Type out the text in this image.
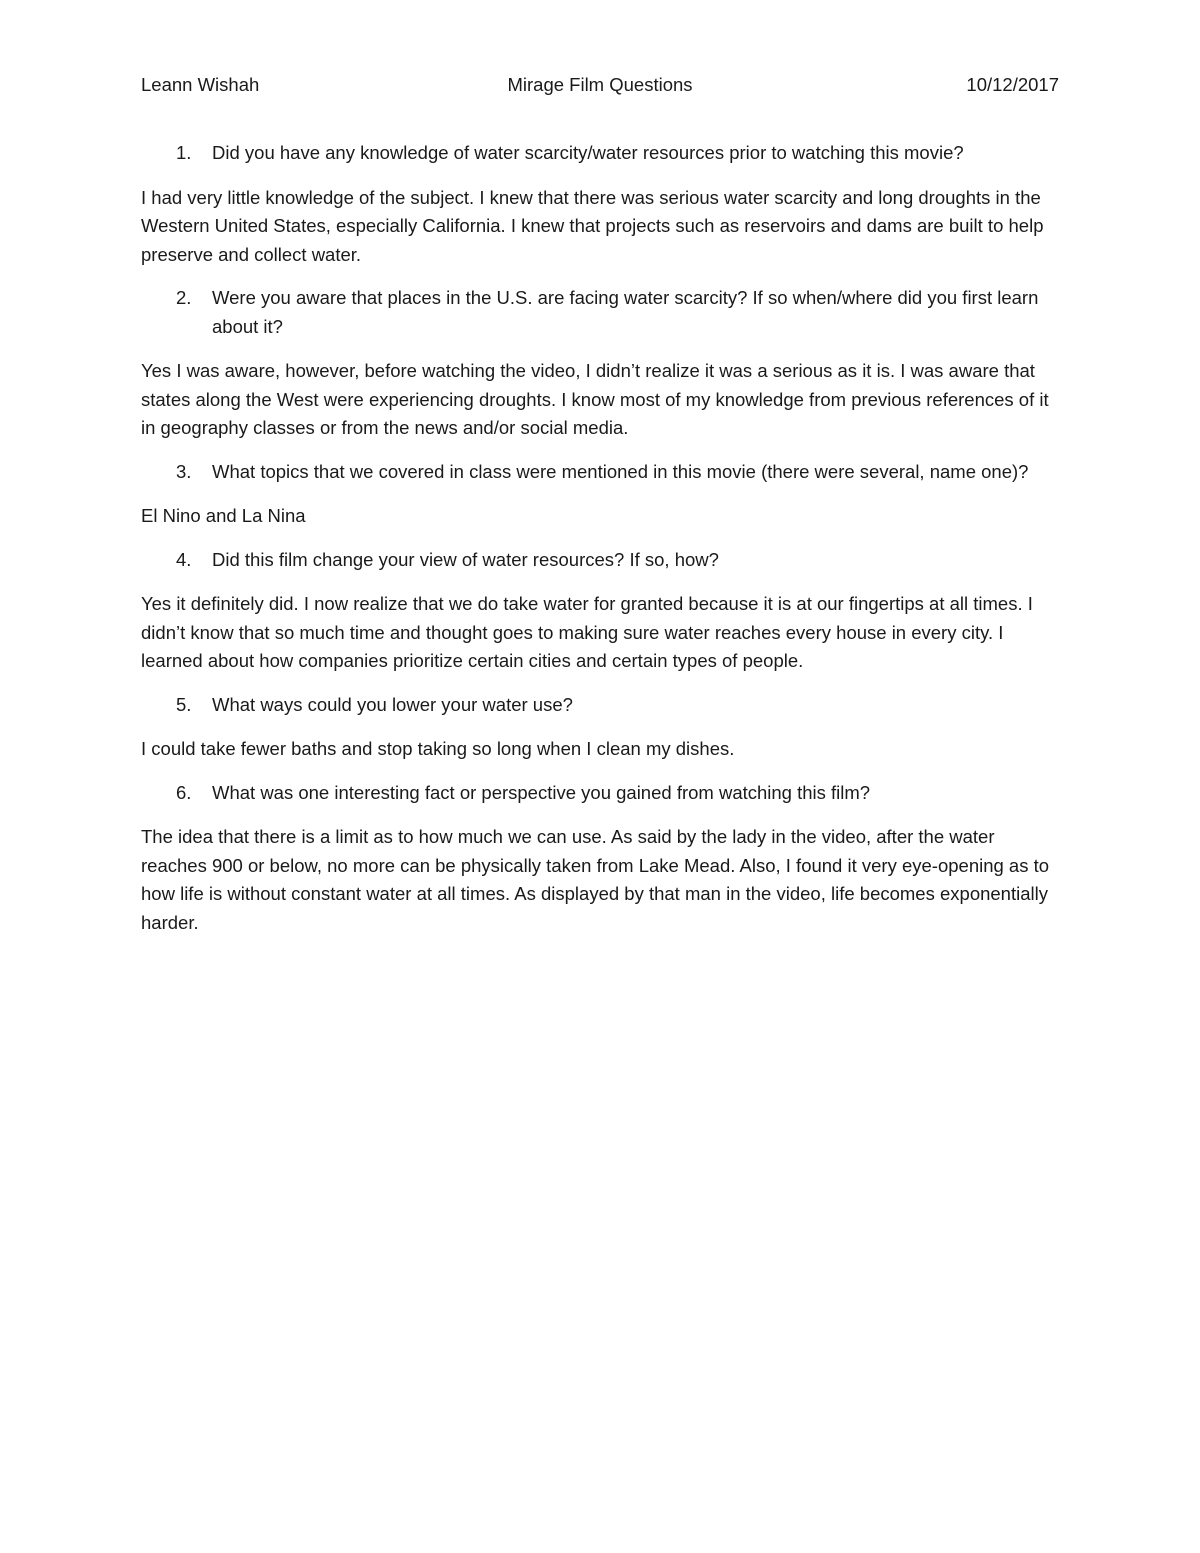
Leann Wishah	Mirage Film Questions	10/12/2017
1.	Did you have any knowledge of water scarcity/water resources prior to watching this movie?

I had very little knowledge of the subject. I knew that there was serious water scarcity and long droughts in the Western United States, especially California. I knew that projects such as reservoirs and dams are built to help preserve and collect water.

2.	Were you aware that places in the U.S. are facing water scarcity? If so when/where did you first learn about it?

Yes I was aware, however, before watching the video, I didn’t realize it was a serious as it is. I was aware that states along the West were experiencing droughts. I know most of my knowledge from previous references of it in geography classes or from the news and/or social media.

3.	What topics that we covered in class were mentioned in this movie (there were several, name one)?

El Nino and La Nina

4.	Did this film change your view of water resources? If so, how?

Yes it definitely did. I now realize that we do take water for granted because it is at our fingertips at all times. I didn’t know that so much time and thought goes to making sure water reaches every house in every city. I learned about how companies prioritize certain cities and certain types of people.

5.	What ways could you lower your water use?

I could take fewer baths and stop taking so long when I clean my dishes.

6.	What was one interesting fact or perspective you gained from watching this film?

The idea that there is a limit as to how much we can use. As said by the lady in the video, after the water reaches 900 or below, no more can be physically taken from Lake Mead. Also, I found it very eye-opening as to how life is without constant water at all times. As displayed by that man in the video, life becomes exponentially harder.
